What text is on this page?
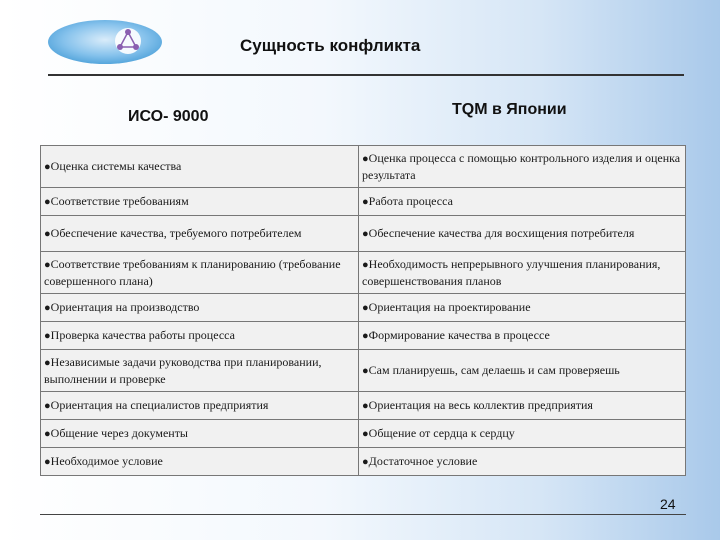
Сущность конфликта
ИСО- 9000	TQM в Японии
●Оценка системы качества	●Оценка процесса с помощью контрольного изделия и оценка результата
●Соответствие требованиям	●Работа процесса
●Обеспечение качества, требуемого потребителем	●Обеспечение качества для восхищения потребителя
●Соответствие требованиям к планированию (требование совершенного плана)	●Необходимость непрерывного улучшения планирования, совершенствования планов
●Ориентация на производство	●Ориентация на проектирование
●Проверка качества работы процесса	●Формирование качества в процессе
●Независимые задачи руководства при планировании, выполнении и проверке	●Сам планируешь, сам делаешь и сам проверяешь
●Ориентация на специалистов предприятия	●Ориентация на весь коллектив предприятия
●Общение через документы	●Общение от сердца к сердцу
●Необходимое условие	●Достаточное условие
24
